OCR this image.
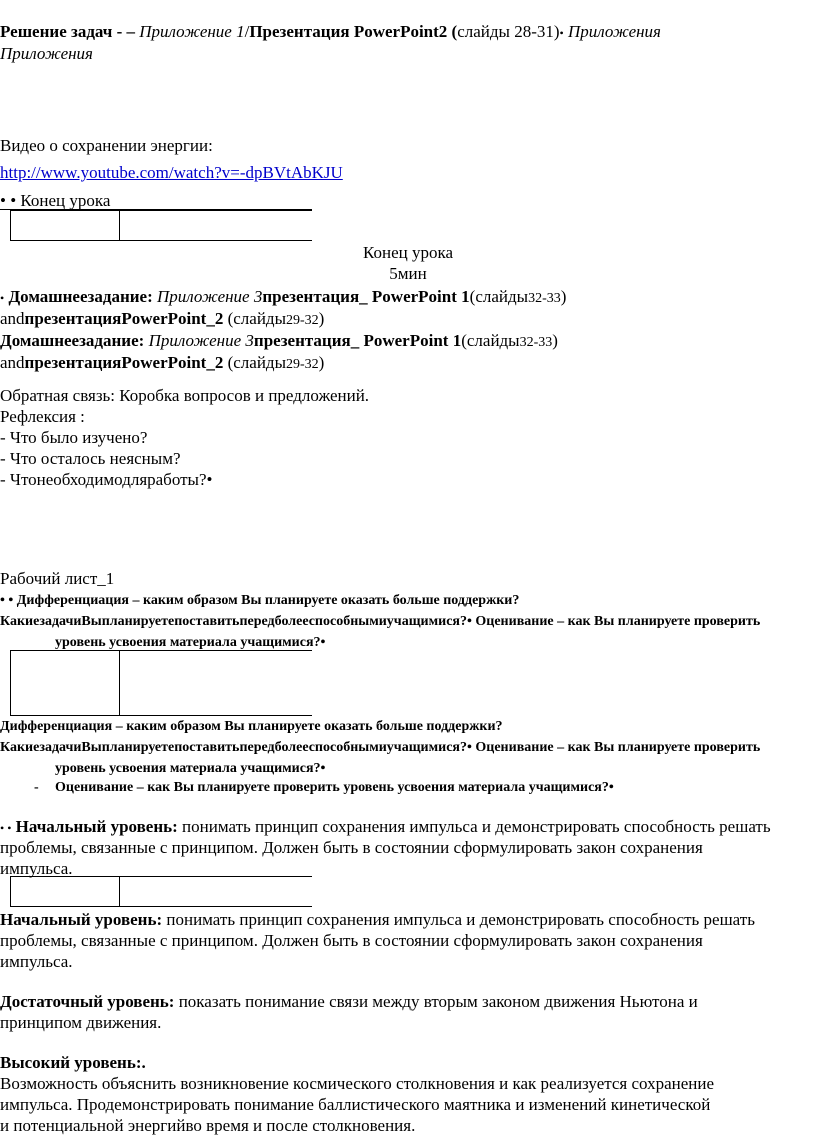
Решение задач - – Приложение 1/Презентация PowerPoint2 (слайды 28-31)• Приложения
Приложения
Видео о сохранении энергии:
http://www.youtube.com/watch?v=-dpBVtAbKJU
• • Конец урока
Конец урока
5мин
• Домашнеезадание: Приложение 3презентация_ PowerPoint 1(слайды32-33)
andпрезентацияPowerPoint_2 (слайды29-32)
Домашнеезадание: Приложение 3презентация_ PowerPoint 1(слайды32-33)
andпрезентацияPowerPoint_2 (слайды29-32)
Обратная связь: Коробка вопросов и предложений.
Рефлексия :
- Что было изучено?
- Что осталось неясным?
- Чтонеобходимодляработы?•
Рабочий лист_1
• • Дифференциация – каким образом Вы планируете оказать больше поддержки?
КакиезадачиВыпланируетепоставитьпередболееспособнымиучащимися?• Оценивание – как Вы планируете проверить
уровень усвоения материала учащимися?•
Дифференциация – каким образом Вы планируете оказать больше поддержки?
КакиезадачиВыпланируетепоставитьпередболееспособнымиучащимися?• Оценивание – как Вы планируете проверить
уровень усвоения материала учащимися?•
- Оценивание – как Вы планируете проверить уровень усвоения материала учащимися?•
• • Начальный уровень: понимать принцип сохранения импульса и демонстрировать способность решать
проблемы, связанные с принципом. Должен быть в состоянии сформулировать закон сохранения
импульса.
Начальный уровень: понимать принцип сохранения импульса и демонстрировать способность решать
проблемы, связанные с принципом. Должен быть в состоянии сформулировать закон сохранения
импульса.
Достаточный уровень: показать понимание связи между вторым законом движения Ньютона и
принципом движения.
Высокий уровень:.
Возможность объяснить возникновение космического столкновения и как реализуется сохранение
импульса. Продемонстрировать понимание баллистического маятника и изменений кинетической
и потенциальной энергийво время и после столкновения.
